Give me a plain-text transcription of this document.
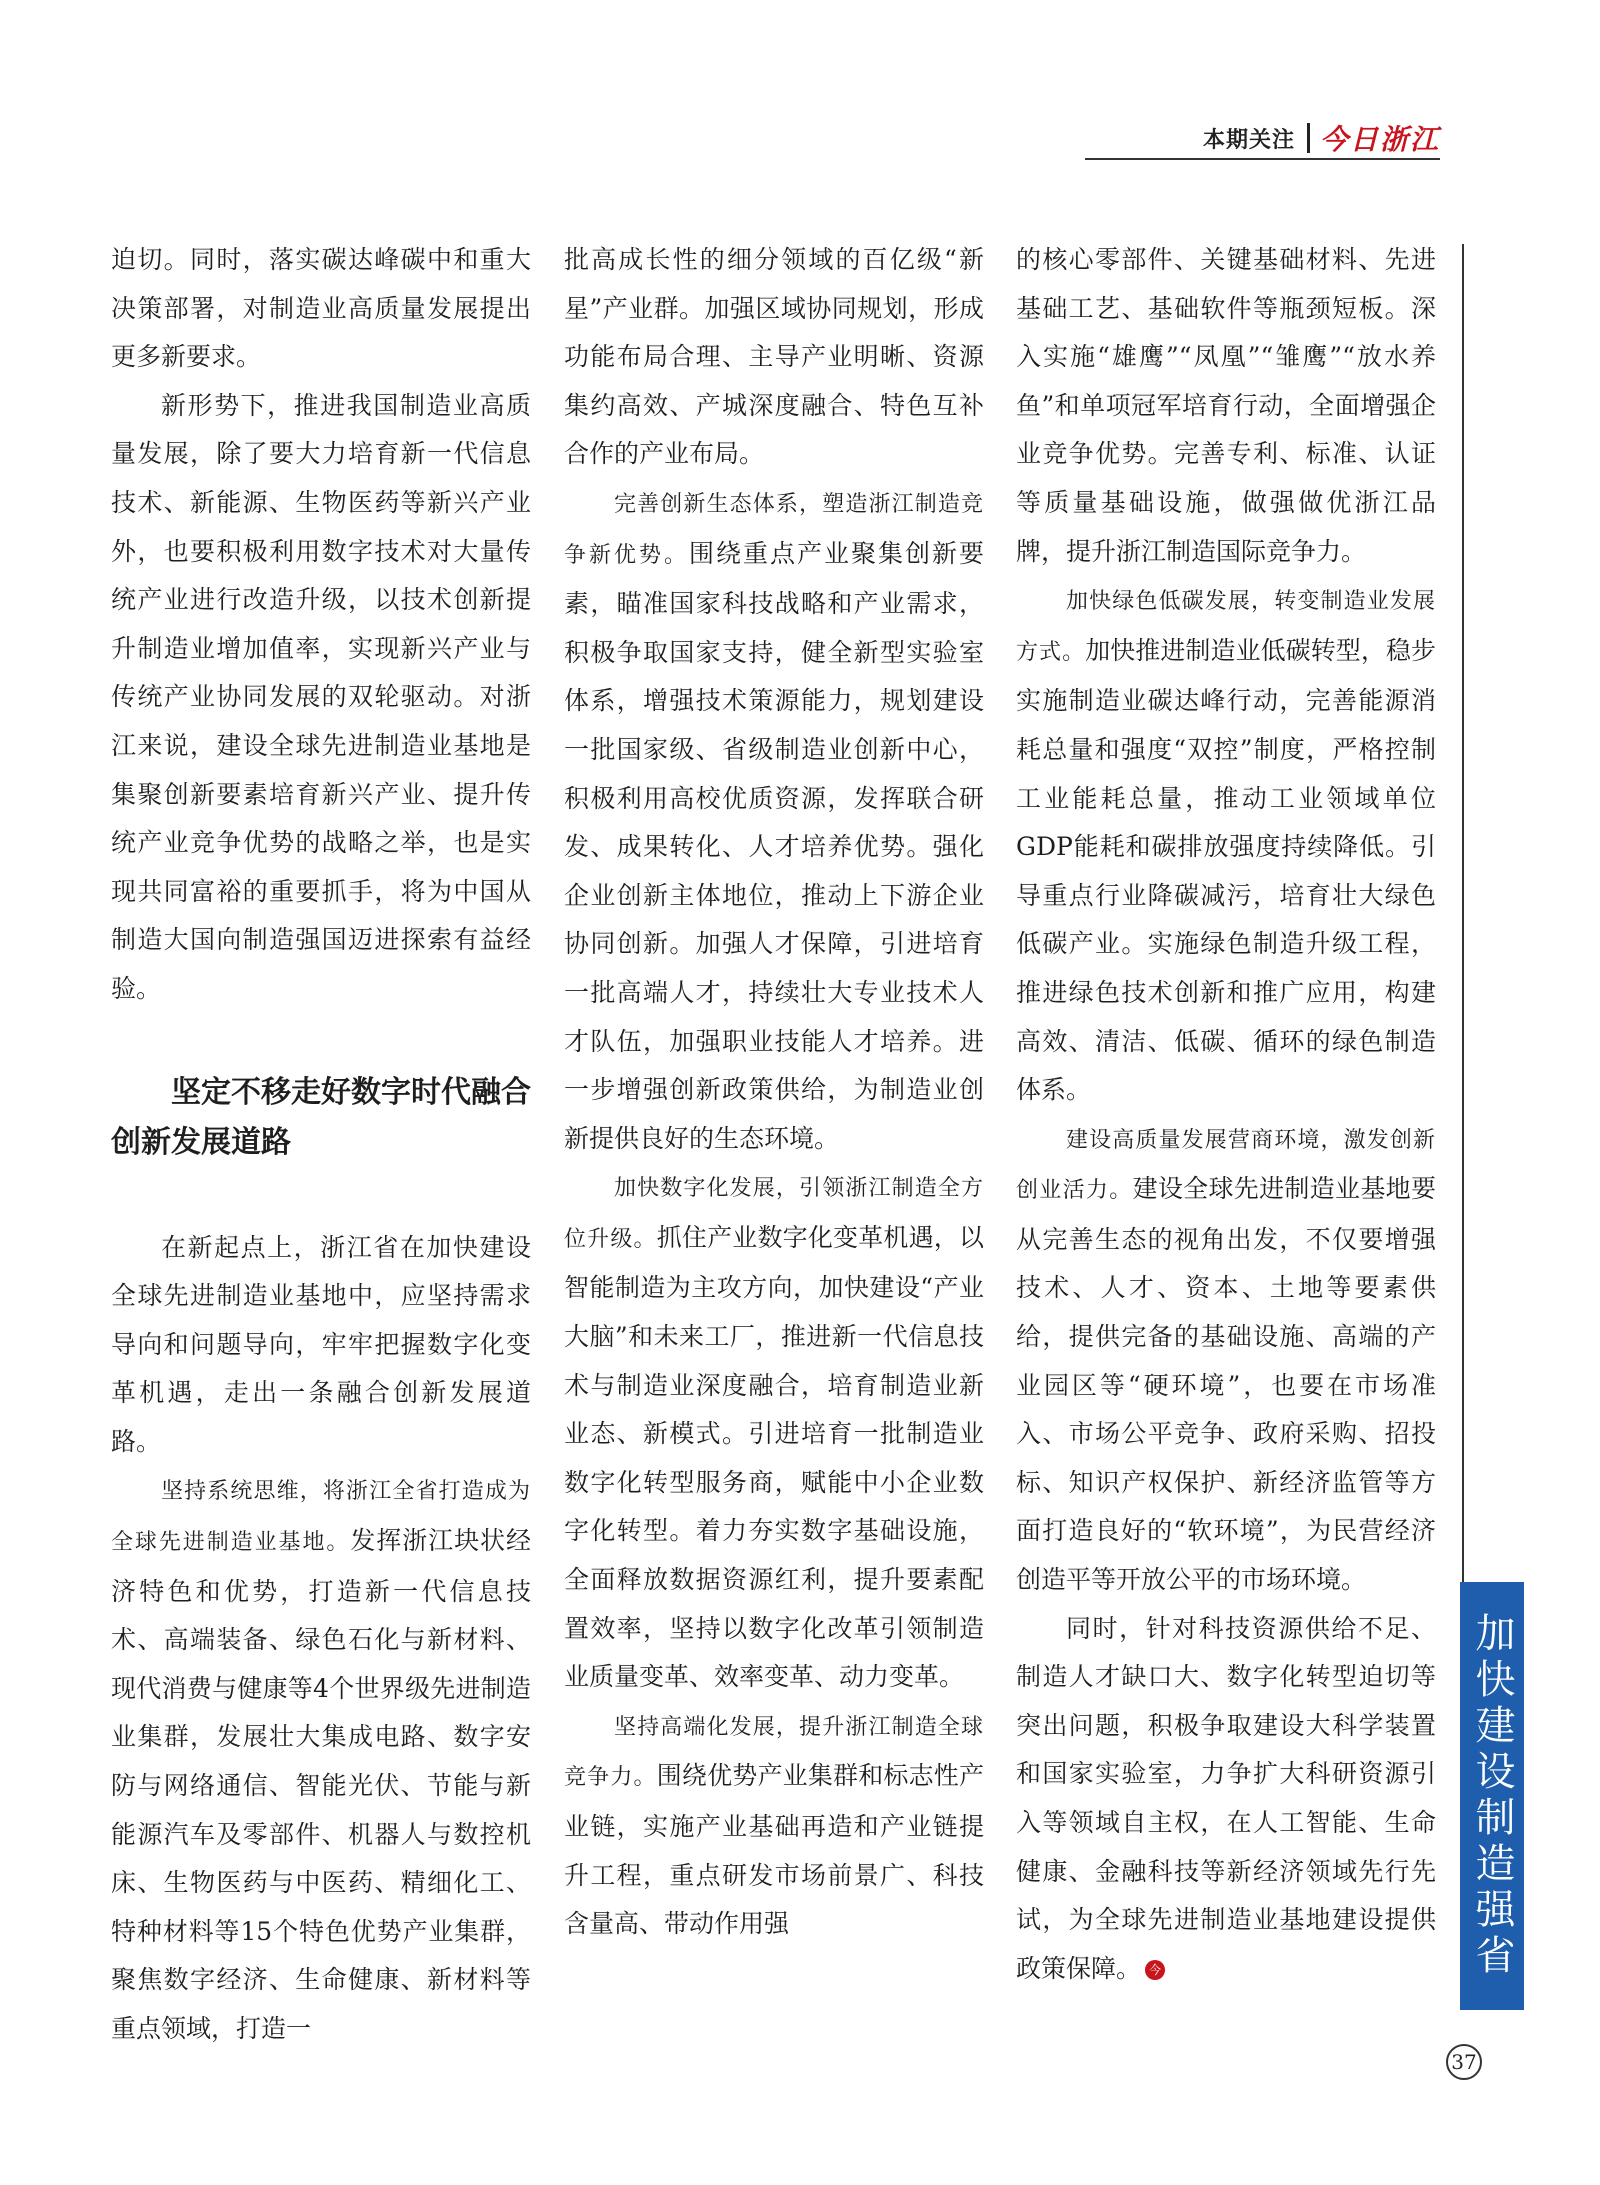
本期关注 今日浙江

迫切。同时，落实碳达峰碳中和重大决策部署，对制造业高质量发展提出更多新要求。

新形势下，推进我国制造业高质量发展，除了要大力培育新一代信息技术、新能源、生物医药等新兴产业外，也要积极利用数字技术对大量传统产业进行改造升级，以技术创新提升制造业增加值率，实现新兴产业与传统产业协同发展的双轮驱动。对浙江来说，建设全球先进制造业基地是集聚创新要素培育新兴产业、提升传统产业竞争优势的战略之举，也是实现共同富裕的重要抓手，将为中国从制造大国向制造强国迈进探索有益经验。

坚定不移走好数字时代融合创新发展道路

在新起点上，浙江省在加快建设全球先进制造业基地中，应坚持需求导向和问题导向，牢牢把握数字化变革机遇，走出一条融合创新发展道路。

坚持系统思维，将浙江全省打造成为全球先进制造业基地。发挥浙江块状经济特色和优势，打造新一代信息技术、高端装备、绿色石化与新材料、现代消费与健康等4个世界级先进制造业集群，发展壮大集成电路、数字安防与网络通信、智能光伏、节能与新能源汽车及零部件、机器人与数控机床、生物医药与中医药、精细化工、特种材料等15个特色优势产业集群，聚焦数字经济、生命健康、新材料等重点领域，打造一

批高成长性的细分领域的百亿级“新星”产业群。加强区域协同规划，形成功能布局合理、主导产业明晰、资源集约高效、产城深度融合、特色互补合作的产业布局。

完善创新生态体系，塑造浙江制造竞争新优势。围绕重点产业聚集创新要素，瞄准国家科技战略和产业需求，积极争取国家支持，健全新型实验室体系，增强技术策源能力，规划建设一批国家级、省级制造业创新中心，积极利用高校优质资源，发挥联合研发、成果转化、人才培养优势。强化企业创新主体地位，推动上下游企业协同创新。加强人才保障，引进培育一批高端人才，持续壮大专业技术人才队伍，加强职业技能人才培养。进一步增强创新政策供给，为制造业创新提供良好的生态环境。

加快数字化发展，引领浙江制造全方位升级。抓住产业数字化变革机遇，以智能制造为主攻方向，加快建设“产业大脑”和未来工厂，推进新一代信息技术与制造业深度融合，培育制造业新业态、新模式。引进培育一批制造业数字化转型服务商，赋能中小企业数字化转型。着力夯实数字基础设施，全面释放数据资源红利，提升要素配置效率，坚持以数字化改革引领制造业质量变革、效率变革、动力变革。

坚持高端化发展，提升浙江制造全球竞争力。围绕优势产业集群和标志性产业链，实施产业基础再造和产业链提升工程，重点研发市场前景广、科技含量高、带动作用强

的核心零部件、关键基础材料、先进基础工艺、基础软件等瓶颈短板。深入实施“雄鹰”“凤凰”“雏鹰”“放水养鱼”和单项冠军培育行动，全面增强企业竞争优势。完善专利、标准、认证等质量基础设施，做强做优浙江品牌，提升浙江制造国际竞争力。

加快绿色低碳发展，转变制造业发展方式。加快推进制造业低碳转型，稳步实施制造业碳达峰行动，完善能源消耗总量和强度“双控”制度，严格控制工业能耗总量，推动工业领域单位GDP能耗和碳排放强度持续降低。引导重点行业降碳减污，培育壮大绿色低碳产业。实施绿色制造升级工程，推进绿色技术创新和推广应用，构建高效、清洁、低碳、循环的绿色制造体系。

建设高质量发展营商环境，激发创新创业活力。建设全球先进制造业基地要从完善生态的视角出发，不仅要增强技术、人才、资本、土地等要素供给，提供完备的基础设施、高端的产业园区等“硬环境”，也要在市场准入、市场公平竞争、政府采购、招投标、知识产权保护、新经济监管等方面打造良好的“软环境”，为民营经济创造平等开放公平的市场环境。

同时，针对科技资源供给不足、制造人才缺口大、数字化转型迫切等突出问题，积极争取建设大科学装置和国家实验室，力争扩大科研资源引入等领域自主权，在人工智能、生命健康、金融科技等新经济领域先行先试，为全球先进制造业基地建设提供政策保障。 今	加快建设制造强省
37
